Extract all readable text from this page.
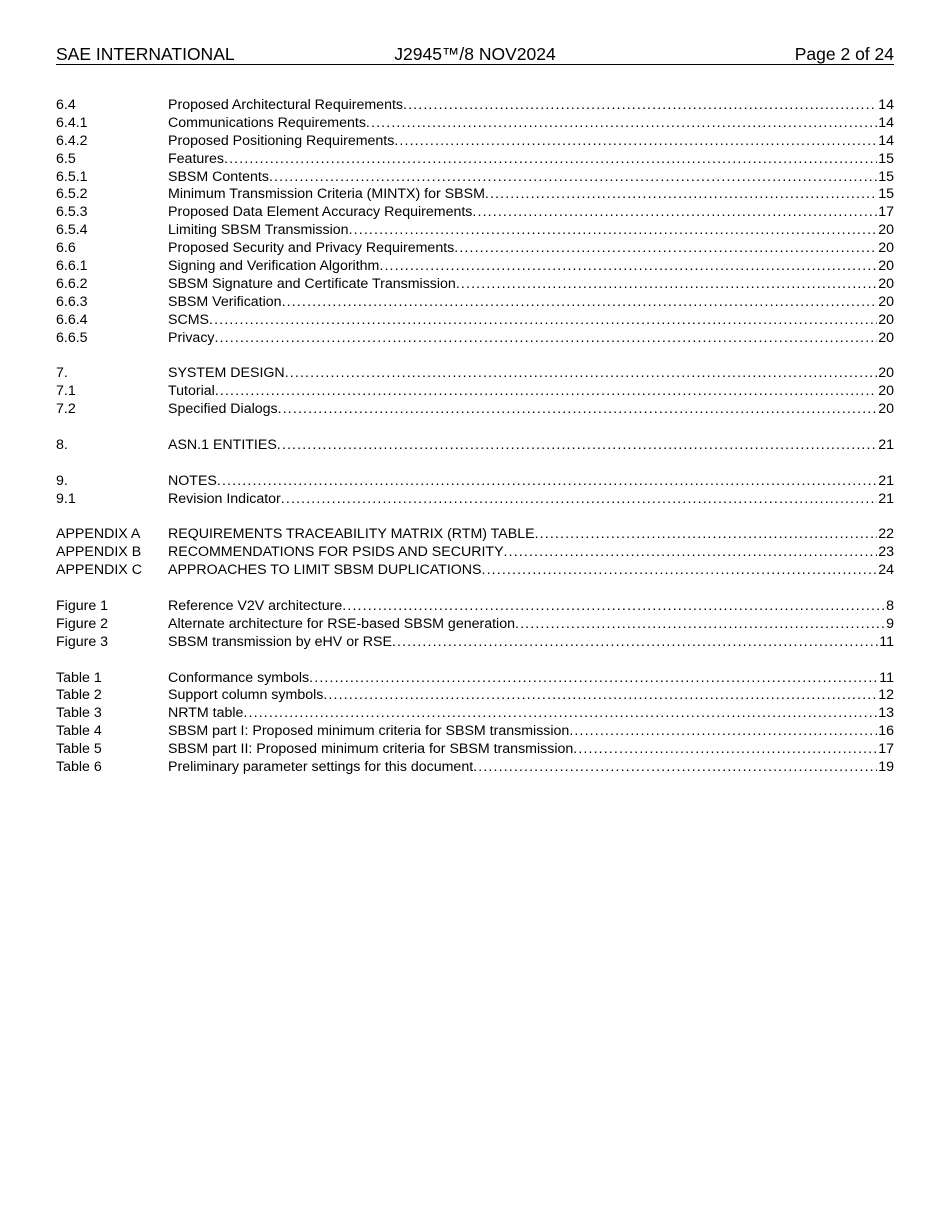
SAE INTERNATIONAL	J2945™/8 NOV2024	Page 2 of 24
6.4	Proposed Architectural Requirements . . .	14
6.4.1	Communications Requirements . . .	14
6.4.2	Proposed Positioning Requirements . . .	14
6.5	Features . . .	15
6.5.1	SBSM Contents . . .	15
6.5.2	Minimum Transmission Criteria (MINTX) for SBSM . . .	15
6.5.3	Proposed Data Element Accuracy Requirements . . .	17
6.5.4	Limiting SBSM Transmission . . .	20
6.6	Proposed Security and Privacy Requirements . . .	20
6.6.1	Signing and Verification Algorithm . . .	20
6.6.2	SBSM Signature and Certificate Transmission . . .	20
6.6.3	SBSM Verification . . .	20
6.6.4	SCMS . . .	20
6.6.5	Privacy . . .	20
7.	SYSTEM DESIGN . . .	20
7.1	Tutorial . . .	20
7.2	Specified Dialogs . . .	20
8.	ASN.1 ENTITIES . . .	21
9.	NOTES . . .	21
9.1	Revision Indicator . . .	21
APPENDIX A REQUIREMENTS TRACEABILITY MATRIX (RTM) TABLE . . .	22
APPENDIX B RECOMMENDATIONS FOR PSIDS AND SECURITY . . .	23
APPENDIX C APPROACHES TO LIMIT SBSM DUPLICATIONS . . .	24
Figure 1	Reference V2V architecture . . .	8
Figure 2	Alternate architecture for RSE-based SBSM generation . . .	9
Figure 3	SBSM transmission by eHV or RSE . . .	11
Table 1	Conformance symbols . . .	11
Table 2	Support column symbols . . .	12
Table 3	NRTM table . . .	13
Table 4	SBSM part I: Proposed minimum criteria for SBSM transmission . . .	16
Table 5	SBSM part II: Proposed minimum criteria for SBSM transmission . . .	17
Table 6	Preliminary parameter settings for this document . . .	19
